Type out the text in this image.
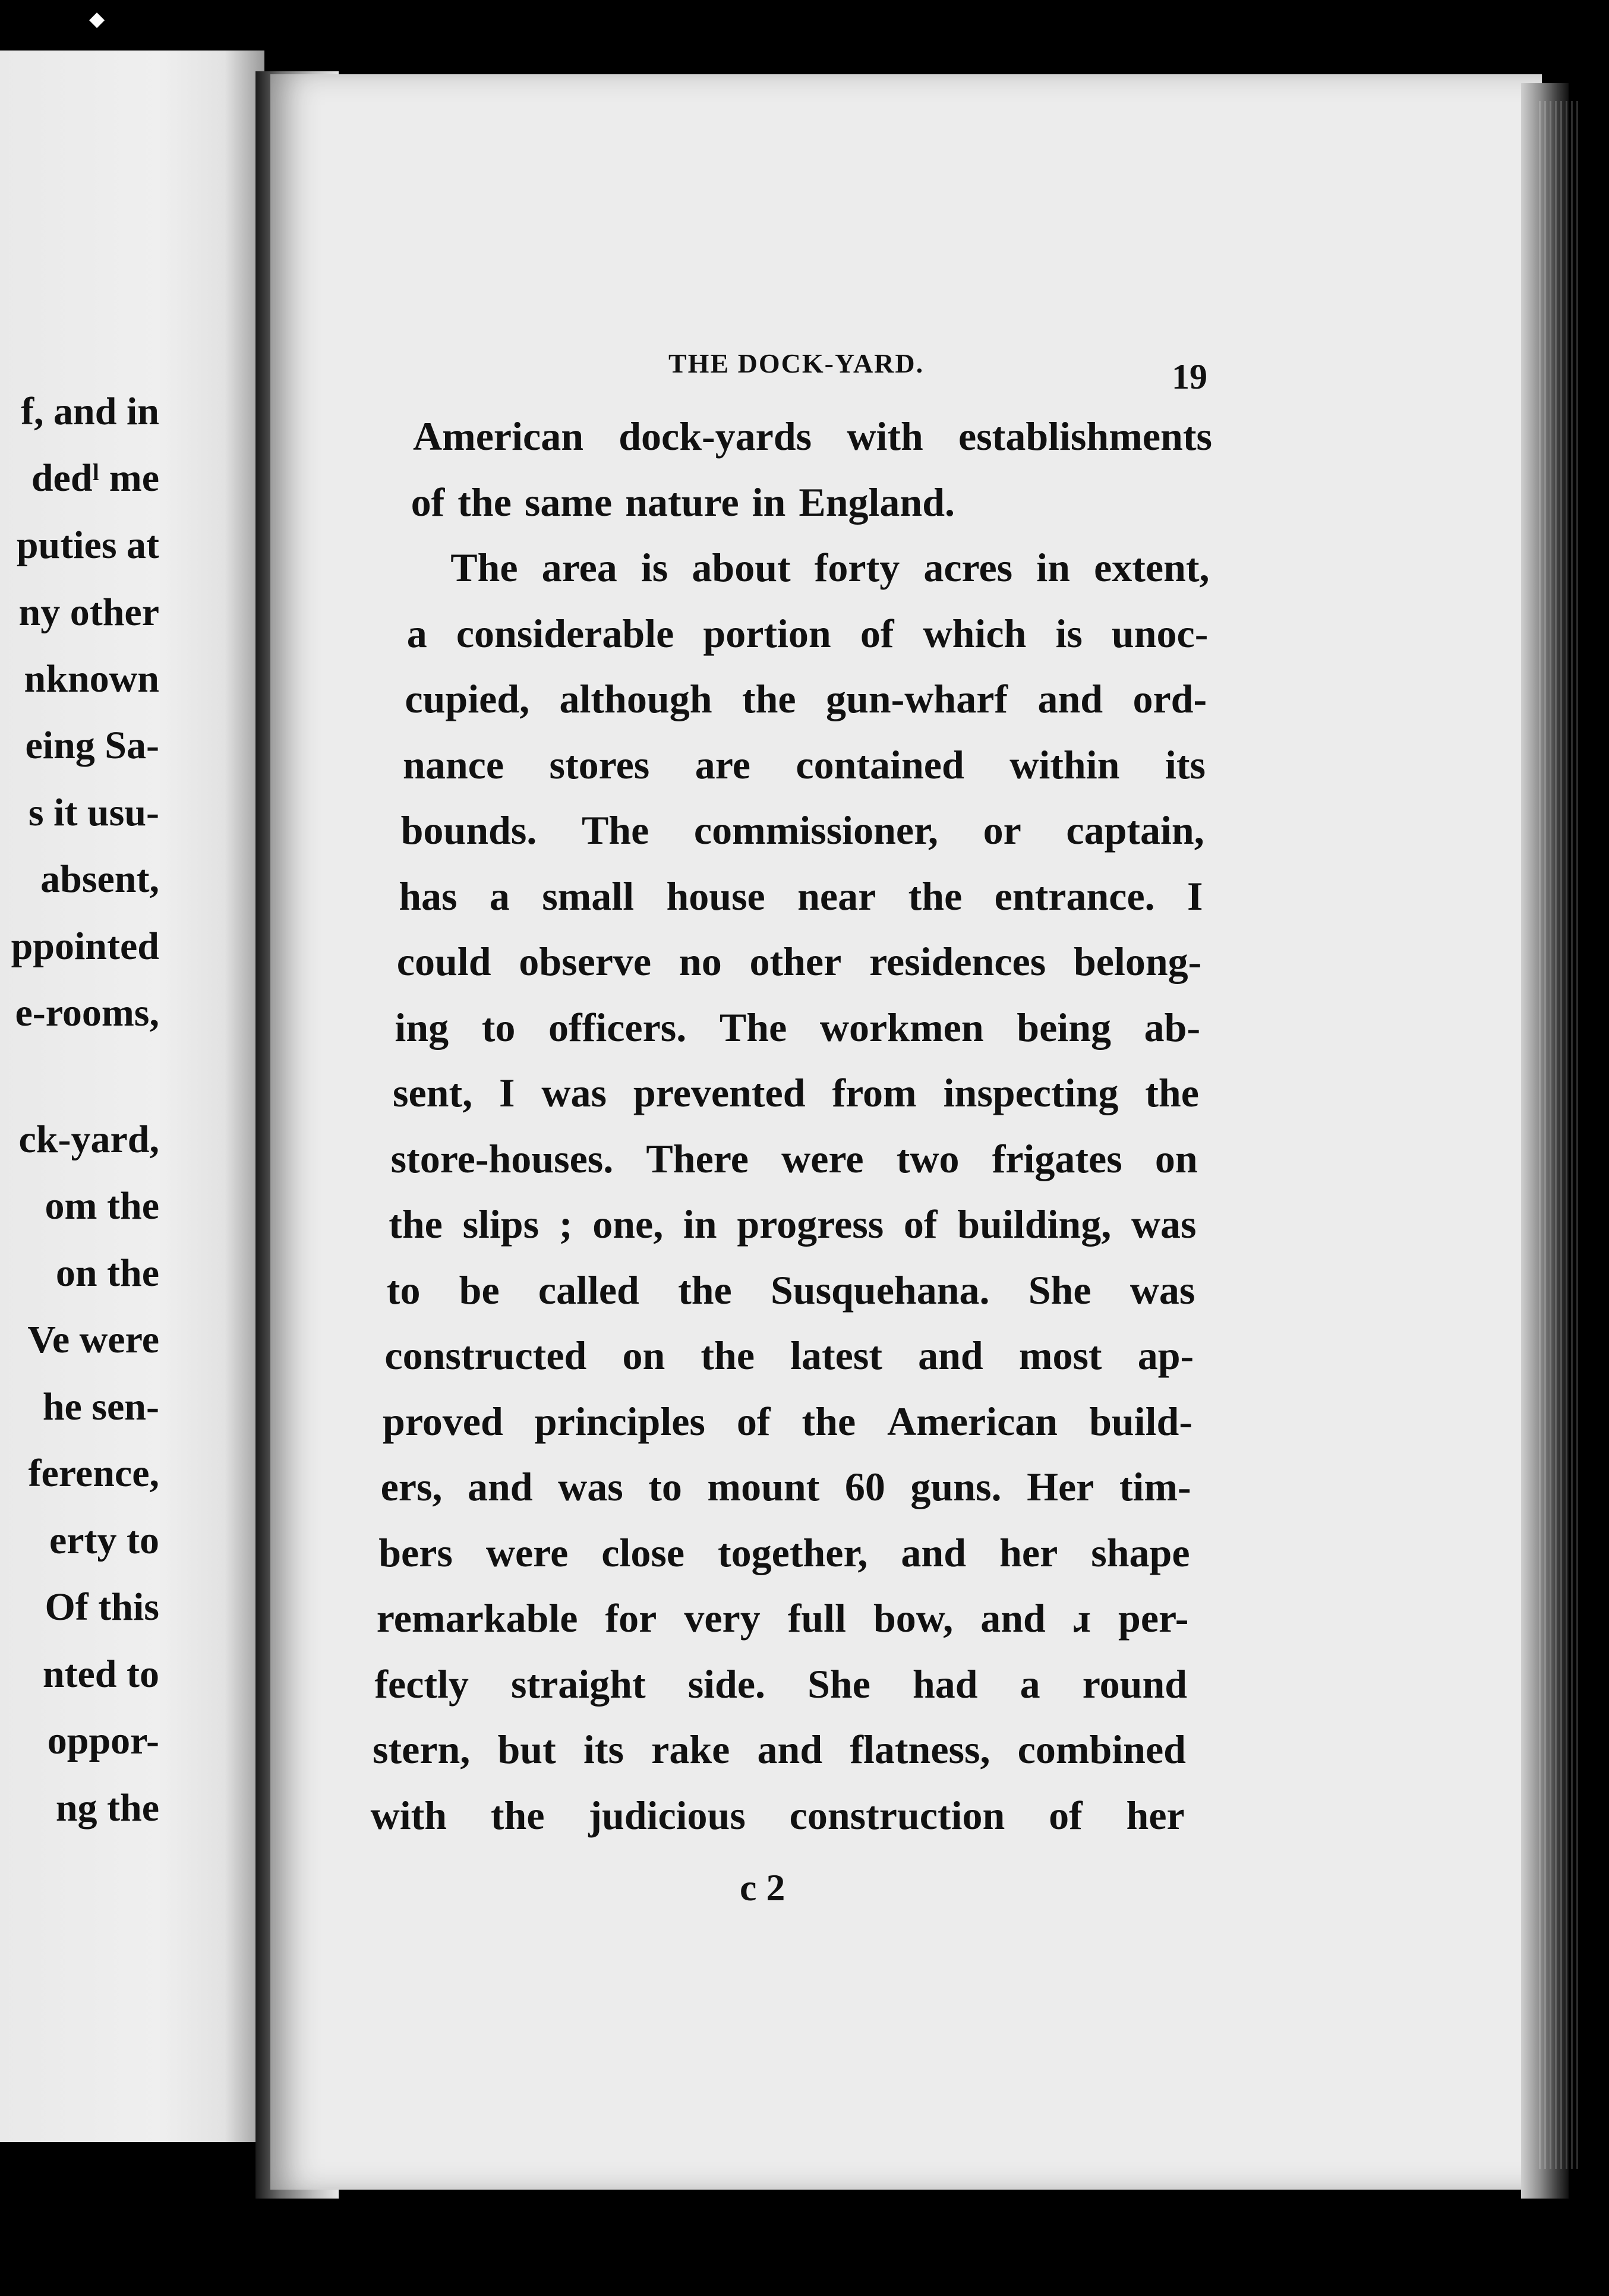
◆
f, and in
dedˡ me
puties at
ny other
nknown
eing Sa-
s it usu-
absent,
ppointed
e-rooms,
ck-yard,
om the
on the
Ve were
he sen-
ference,
erty to
Of this
nted to
oppor-
ng the
THE DOCK-YARD.	19
American dock-yards with establishments
of the same nature in England.
The area is about forty acres in extent,
a considerable portion of which is unoc-
cupied, although the gun-wharf and ord-
nance stores are contained within its
bounds. The commissioner, or captain,
has a small house near the entrance. I
could observe no other residences belong-
ing to officers. The workmen being ab-
sent, I was prevented from inspecting the
store-houses. There were two frigates on
the slips ; one, in progress of building, was
to be called the Susquehana. She was
constructed on the latest and most ap-
proved principles of the American build-
ers, and was to mount 60 guns. Her tim-
bers were close together, and her shape
remarkable for very full bow, and ɹ per-
fectly straight side. She had a round
stern, but its rake and flatness, combined
with the judicious construction of her
c 2
